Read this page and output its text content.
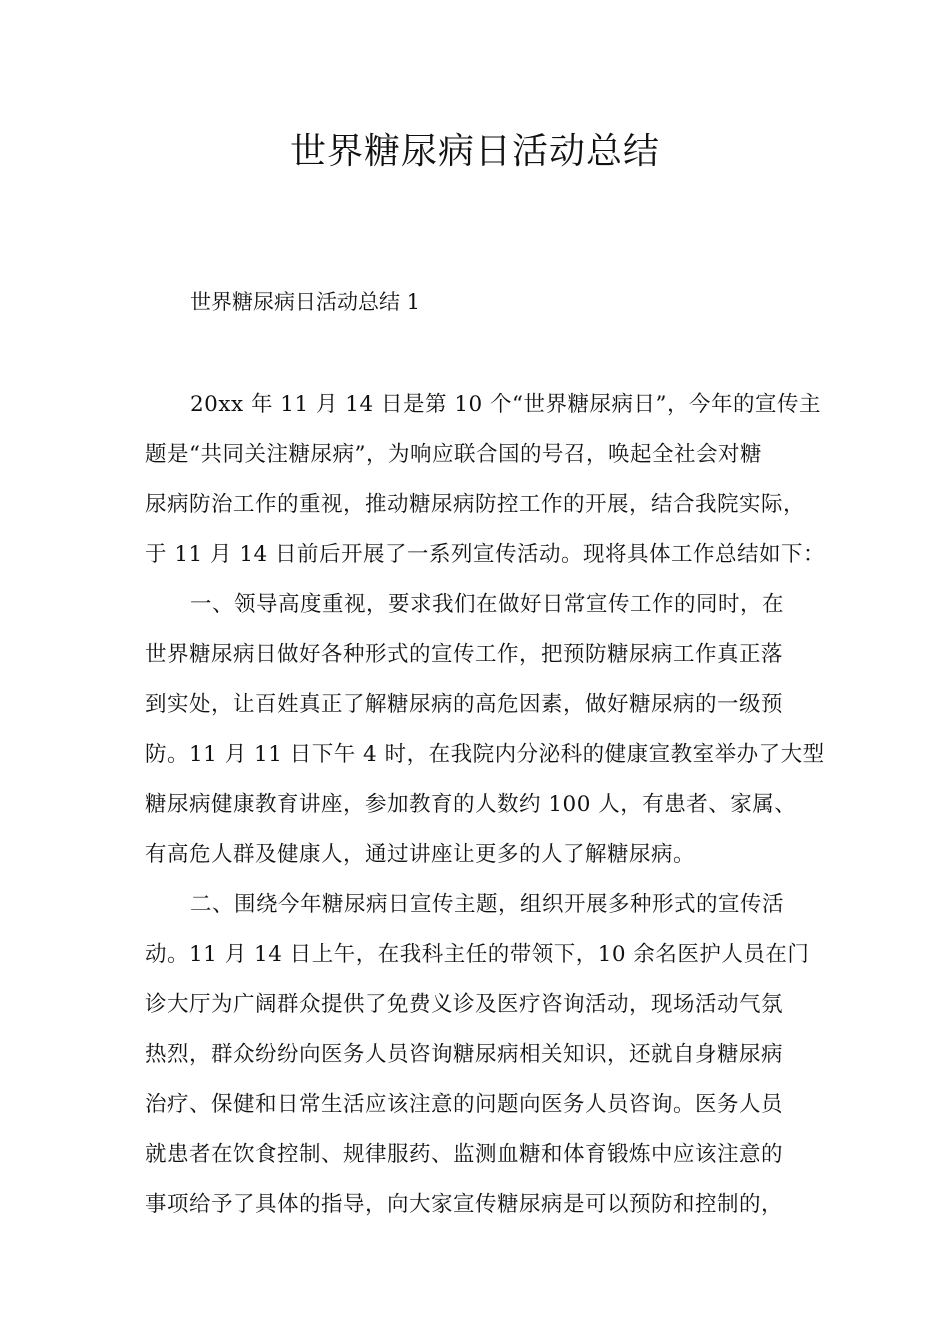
世界糖尿病日活动总结

世界糖尿病日活动总结 1

20xx 年 11 月 14 日是第 10 个“世界糖尿病日”，今年的宣传主
题是“共同关注糖尿病”，为响应联合国的号召，唤起全社会对糖
尿病防治工作的重视，推动糖尿病防控工作的开展，结合我院实际，
于 11 月 14 日前后开展了一系列宣传活动。现将具体工作总结如下：
一、领导高度重视，要求我们在做好日常宣传工作的同时，在
世界糖尿病日做好各种形式的宣传工作，把预防糖尿病工作真正落
到实处，让百姓真正了解糖尿病的高危因素，做好糖尿病的一级预
防。11 月 11 日下午 4 时，在我院内分泌科的健康宣教室举办了大型
糖尿病健康教育讲座，参加教育的人数约 100 人，有患者、家属、
有高危人群及健康人，通过讲座让更多的人了解糖尿病。
二、围绕今年糖尿病日宣传主题，组织开展多种形式的宣传活
动。11 月 14 日上午，在我科主任的带领下，10 余名医护人员在门
诊大厅为广阔群众提供了免费义诊及医疗咨询活动，现场活动气氛
热烈，群众纷纷向医务人员咨询糖尿病相关知识，还就自身糖尿病
治疗、保健和日常生活应该注意的问题向医务人员咨询。医务人员
就患者在饮食控制、规律服药、监测血糖和体育锻炼中应该注意的
事项给予了具体的指导，向大家宣传糖尿病是可以预防和控制的，
